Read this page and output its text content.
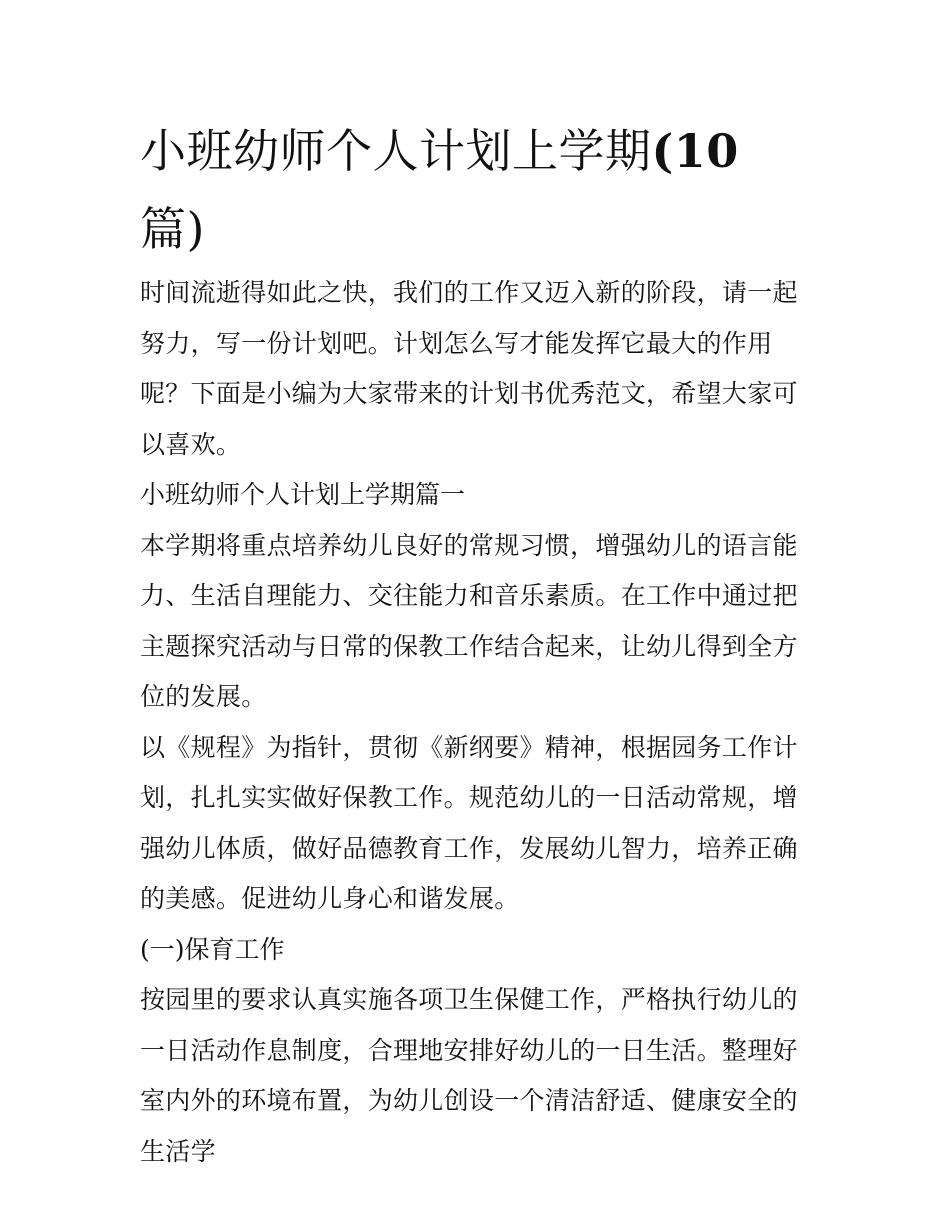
小班幼师个人计划上学期(10
篇)

时间流逝得如此之快，我们的工作又迈入新的阶段，请一起努力，写一份计划吧。计划怎么写才能发挥它最大的作用呢？下面是小编为大家带来的计划书优秀范文，希望大家可以喜欢。

小班幼师个人计划上学期篇一

本学期将重点培养幼儿良好的常规习惯，增强幼儿的语言能力、生活自理能力、交往能力和音乐素质。在工作中通过把主题探究活动与日常的保教工作结合起来，让幼儿得到全方位的发展。

以《规程》为指针，贯彻《新纲要》精神，根据园务工作计划，扎扎实实做好保教工作。规范幼儿的一日活动常规，增强幼儿体质，做好品德教育工作，发展幼儿智力，培养正确的美感。促进幼儿身心和谐发展。

(一)保育工作

按园里的要求认真实施各项卫生保健工作，严格执行幼儿的一日活动作息制度，合理地安排好幼儿的一日生活。整理好室内外的环境布置，为幼儿创设一个清洁舒适、健康安全的生活学
